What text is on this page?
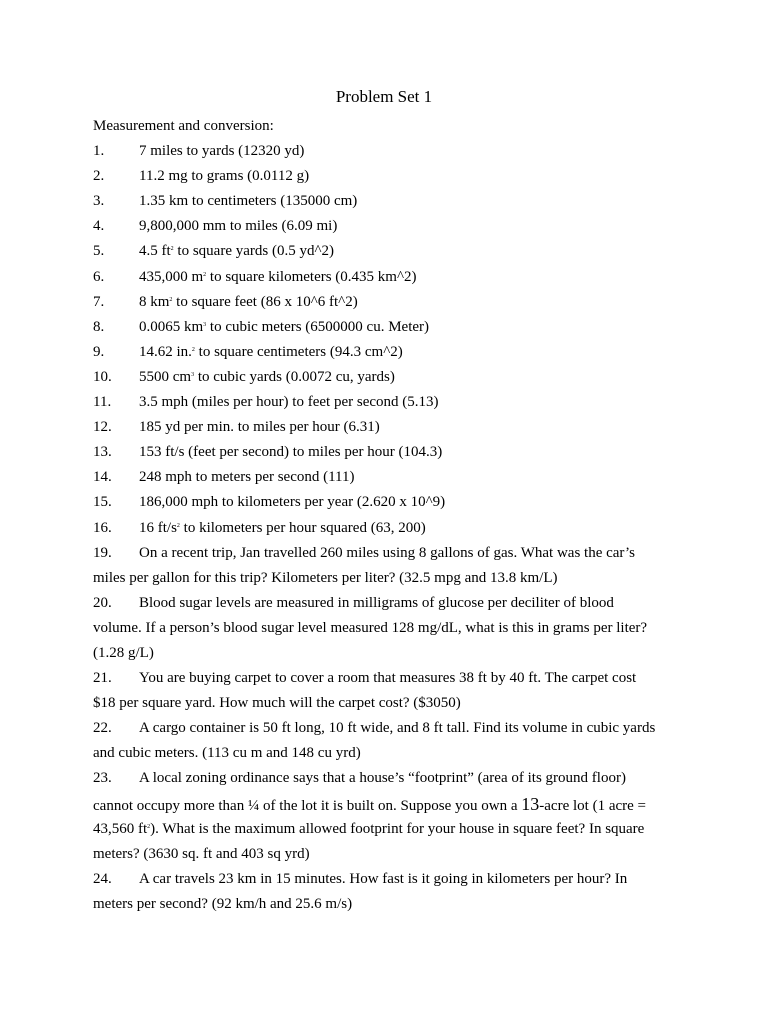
Problem Set 1
Measurement and conversion:
1. 7 miles to yards (12320 yd)
2. 11.2 mg to grams (0.0112 g)
3. 1.35 km to centimeters (135000 cm)
4. 9,800,000 mm to miles (6.09 mi)
5. 4.5 $ft^2$ to square yards (0.5 yd^2)
6. 435,000 $m^2$ to square kilometers (0.435 km^2)
7. 8 $km^2$ to square feet (86 x 10^6 ft^2)
8. 0.0065 $km^3$ to cubic meters (6500000 cu. Meter)
9. 14.62 in.$^2$ to square centimeters (94.3 cm^2)
10. 5500 $cm^3$ to cubic yards (0.0072 cu, yards)
11. 3.5 mph (miles per hour) to feet per second (5.13)
12. 185 yd per min. to miles per hour (6.31)
13. 153 ft/s (feet per second) to miles per hour (104.3)
14. 248 mph to meters per second (111)
15. 186,000 mph to kilometers per year (2.620 x 10^9)
16. 16 $ft/s^2$ to kilometers per hour squared (63, 200)
19. On a recent trip, Jan travelled 260 miles using 8 gallons of gas. What was the car’s
miles per gallon for this trip? Kilometers per liter? (32.5 mpg and 13.8 km/L)
20. Blood sugar levels are measured in milligrams of glucose per deciliter of blood
volume. If a person’s blood sugar level measured 128 mg/dL, what is this in grams per liter?
(1.28 g/L)
21. You are buying carpet to cover a room that measures 38 ft by 40 ft. The carpet cost
$18 per square yard. How much will the carpet cost? ($3050)
22. A cargo container is 50 ft long, 10 ft wide, and 8 ft tall. Find its volume in cubic yards
and cubic meters. (113 cu m and 148 cu yrd)
23. A local zoning ordinance says that a house’s “footprint” (area of its ground floor)
cannot occupy more than ¼ of the lot it is built on. Suppose you own a 13-acre lot (1 acre =
43,560 $ft^2$). What is the maximum allowed footprint for your house in square feet? In square
meters? (3630 sq. ft and 403 sq yrd)
24. A car travels 23 km in 15 minutes. How fast is it going in kilometers per hour? In
meters per second? (92 km/h and 25.6 m/s)
